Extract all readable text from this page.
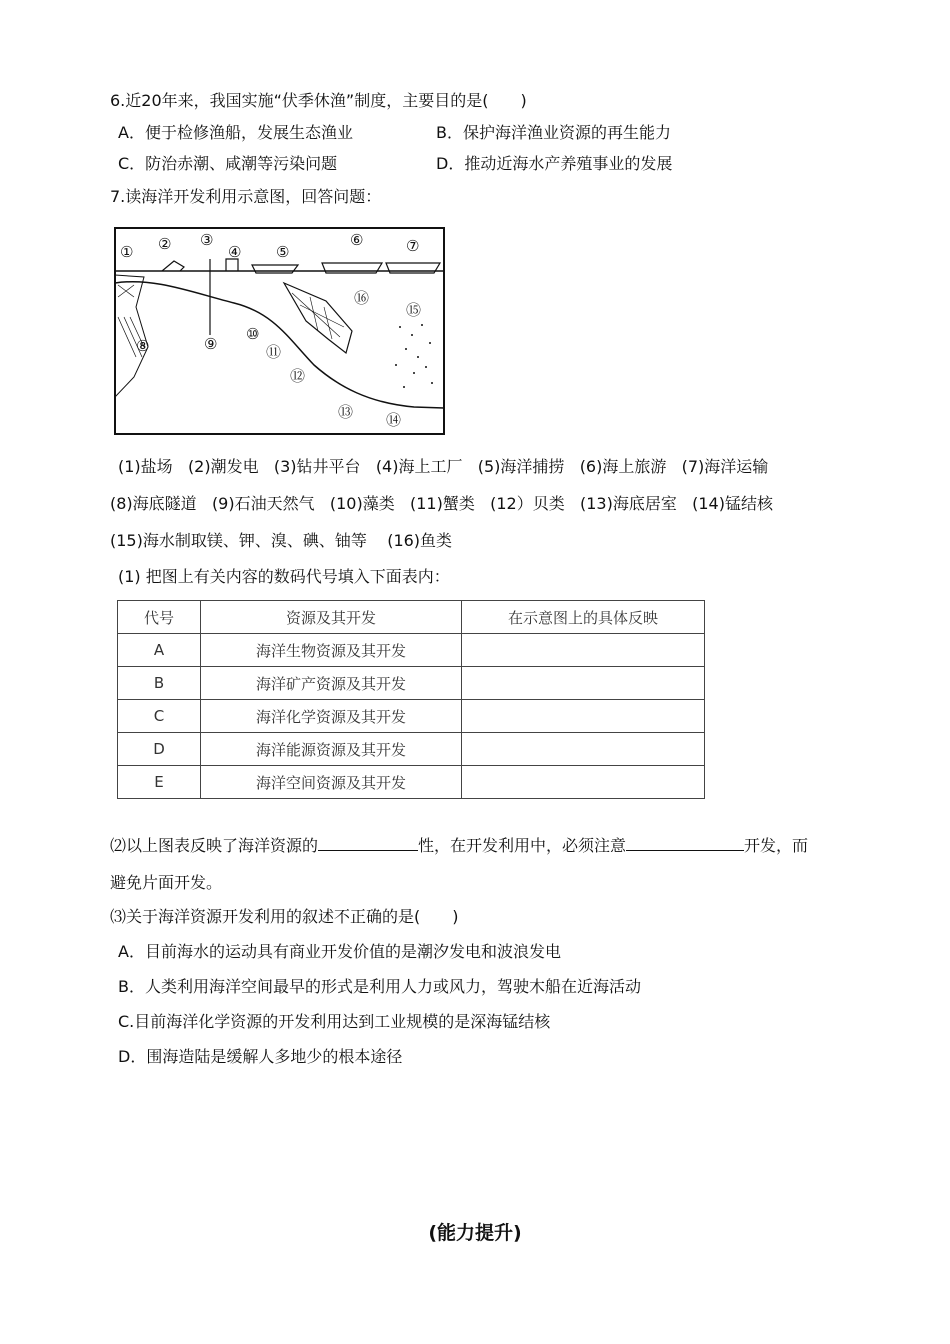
6.近20年来，我国实施“伏季休渔”制度，主要目的是(　　)
A．便于检修渔船，发展生态渔业	B．保护海洋渔业资源的再生能力
C．防治赤潮、咸潮等污染问题	D．推动近海水产养殖事业的发展
7.读海洋开发利用示意图，回答问题：
① ② ③
④ ⑤
⑥	⑦
⑧	⑨
⑩
⑪
⑫
⑬ ⑭
⑮
⑯
(1)盐场 (2)潮发电 (3)钻井平台 (4)海上工厂 (5)海洋捕捞 (6)海上旅游 (7)海洋运输
(8)海底隧道 (9)石油天然气 (10)藻类 (11)蟹类 (12）贝类 (13)海底居室 (14)锰结核
(15)海水制取镁、钾、溴、碘、铀等 (16)鱼类
(1) 把图上有关内容的数码代号填入下面表内：
代号	资源及其开发	在示意图上的具体反映
A	海洋生物资源及其开发	
B	海洋矿产资源及其开发	
C	海洋化学资源及其开发	
D	海洋能源资源及其开发	
E	海洋空间资源及其开发	
⑵以上图表反映了海洋资源的	性，在开发利用中，必须注意	开发，而
避免片面开发。
⑶关于海洋资源开发利用的叙述不正确的是(　　)
A．目前海水的运动具有商业开发价值的是潮汐发电和波浪发电
B．人类利用海洋空间最早的形式是利用人力或风力，驾驶木船在近海活动
C.目前海洋化学资源的开发利用达到工业规模的是深海锰结核
D．围海造陆是缓解人多地少的根本途径
(能力提升)
